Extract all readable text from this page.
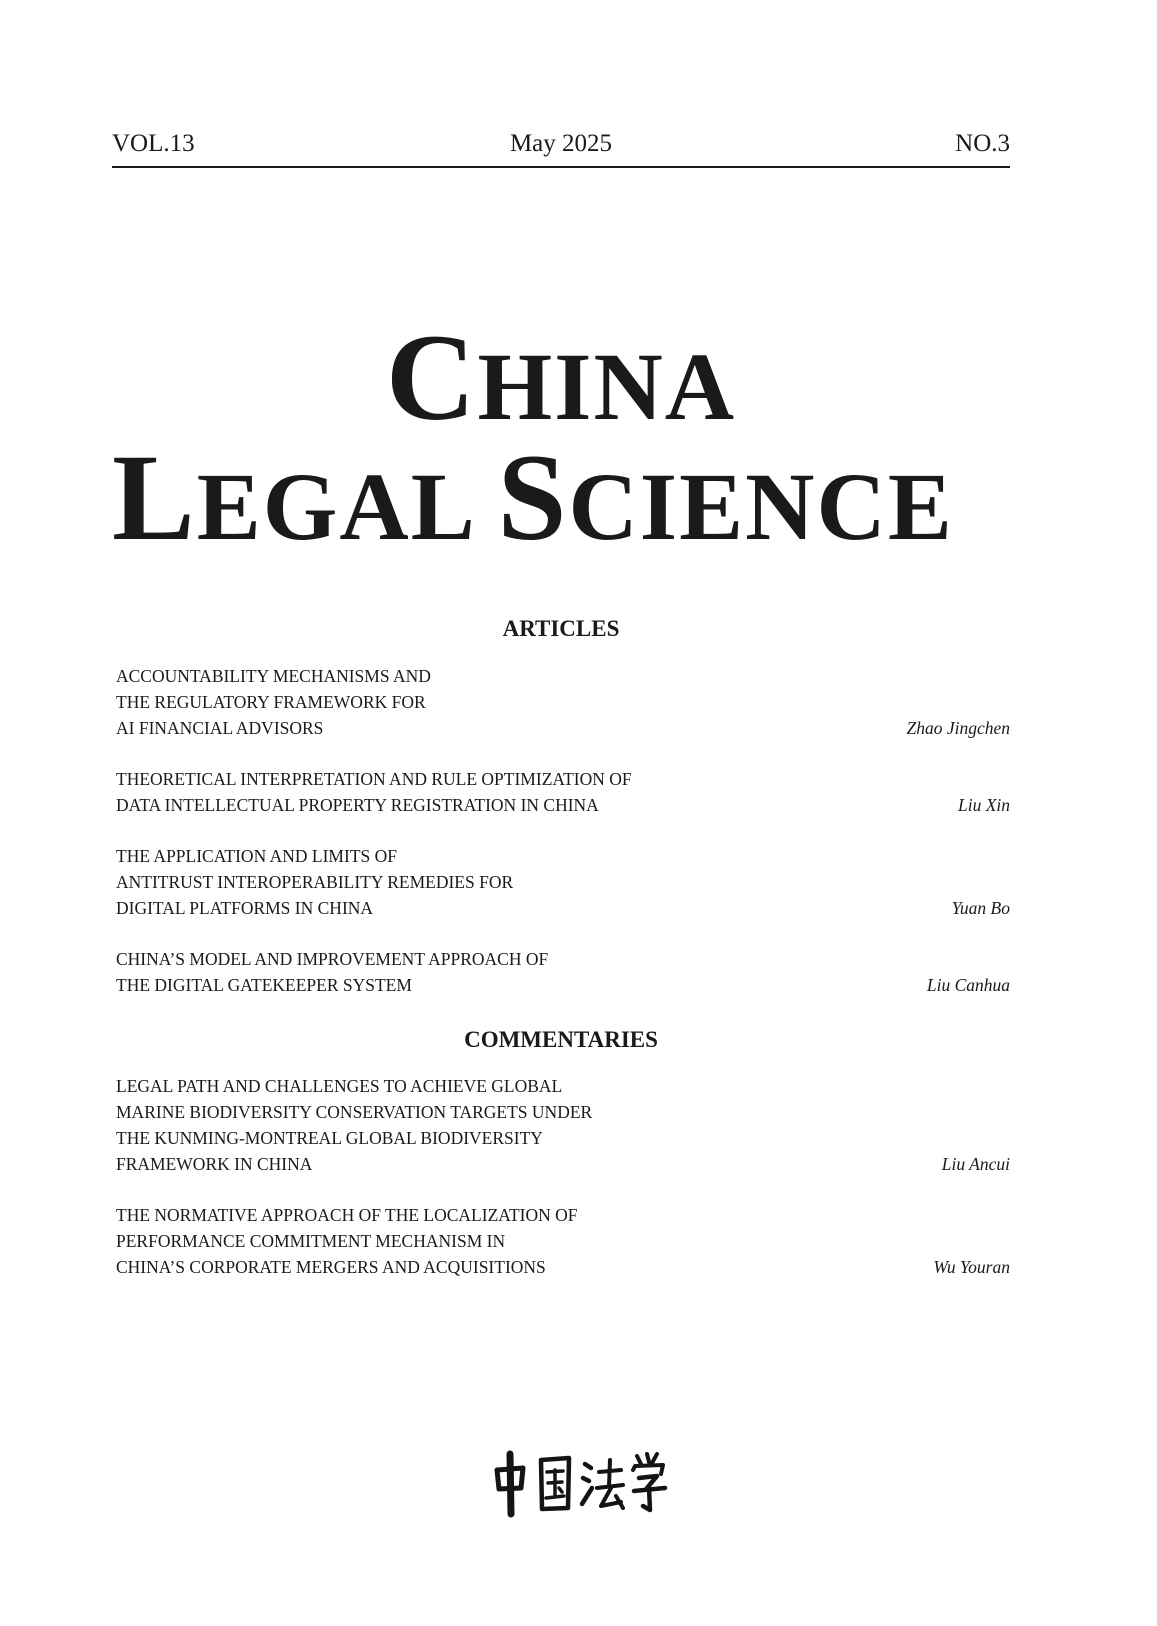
VOL.13	May 2025	NO.3
CHINA
LEGAL SCIENCE
ARTICLES
ACCOUNTABILITY MECHANISMS AND
THE REGULATORY FRAMEWORK FOR
AI FINANCIAL ADVISORS	Zhao Jingchen
THEORETICAL INTERPRETATION AND RULE OPTIMIZATION OF
DATA INTELLECTUAL PROPERTY REGISTRATION IN CHINA	Liu Xin
THE APPLICATION AND LIMITS OF
ANTITRUST INTEROPERABILITY REMEDIES FOR
DIGITAL PLATFORMS IN CHINA	Yuan Bo
CHINA’S MODEL AND IMPROVEMENT APPROACH OF
THE DIGITAL GATEKEEPER SYSTEM	Liu Canhua
COMMENTARIES
LEGAL PATH AND CHALLENGES TO ACHIEVE GLOBAL
MARINE BIODIVERSITY CONSERVATION TARGETS UNDER
THE KUNMING-MONTREAL GLOBAL BIODIVERSITY
FRAMEWORK IN CHINA	Liu Ancui
THE NORMATIVE APPROACH OF THE LOCALIZATION OF
PERFORMANCE COMMITMENT MECHANISM IN
CHINA’S CORPORATE MERGERS AND ACQUISITIONS	Wu Youran
